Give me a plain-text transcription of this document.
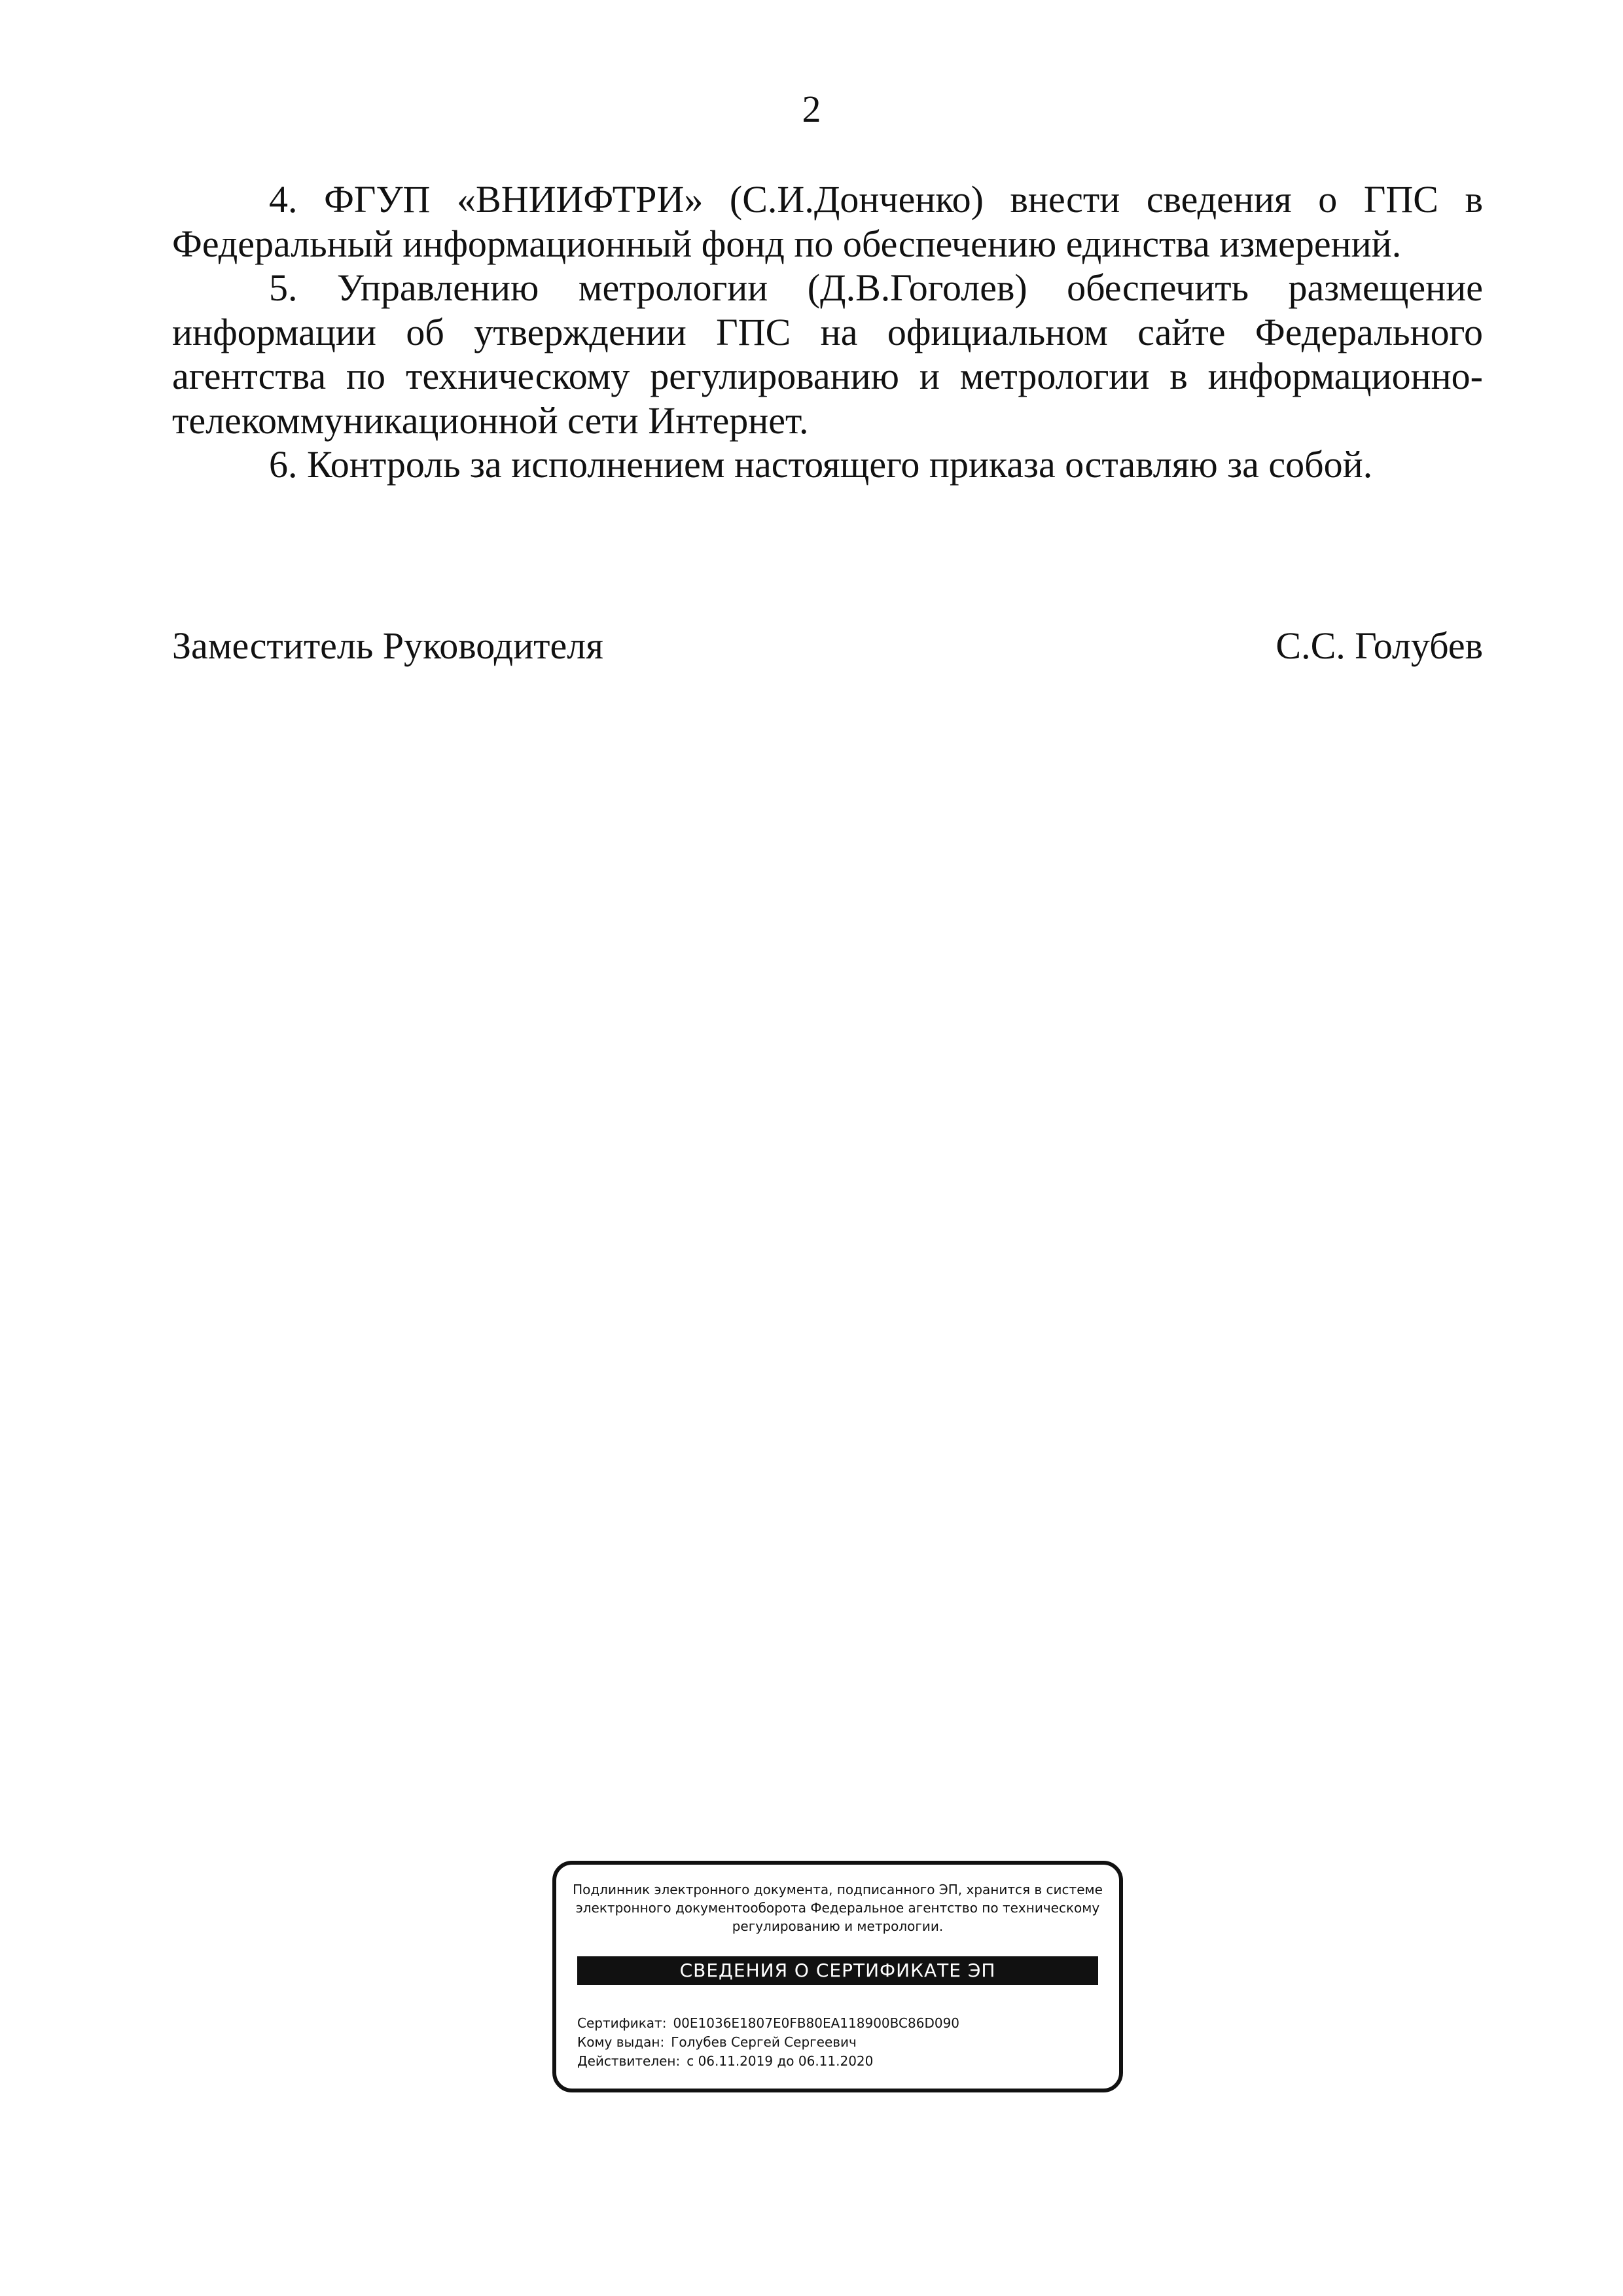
2

4. ФГУП «ВНИИФТРИ» (С.И.Донченко) внести сведения о ГПС в Федеральный информационный фонд по обеспечению единства измерений.

5. Управлению метрологии (Д.В.Гоголев) обеспечить размещение информации об утверждении ГПС на официальном сайте Федерального агентства по техническому регулированию и метрологии в информационно-телекоммуникационной сети Интернет.

6. Контроль за исполнением настоящего приказа оставляю за собой.

Заместитель Руководителя	С.С. Голубев
Подлинник электронного документа, подписанного ЭП, хранится в системе электронного документооборота Федеральное агентство по техническому регулированию и метрологии.
СВЕДЕНИЯ О СЕРТИФИКАТЕ ЭП
Сертификат: 00E1036E1807E0FB80EA118900BC86D090
Кому выдан: Голубев Сергей Сергеевич
Действителен: с 06.11.2019 до 06.11.2020
